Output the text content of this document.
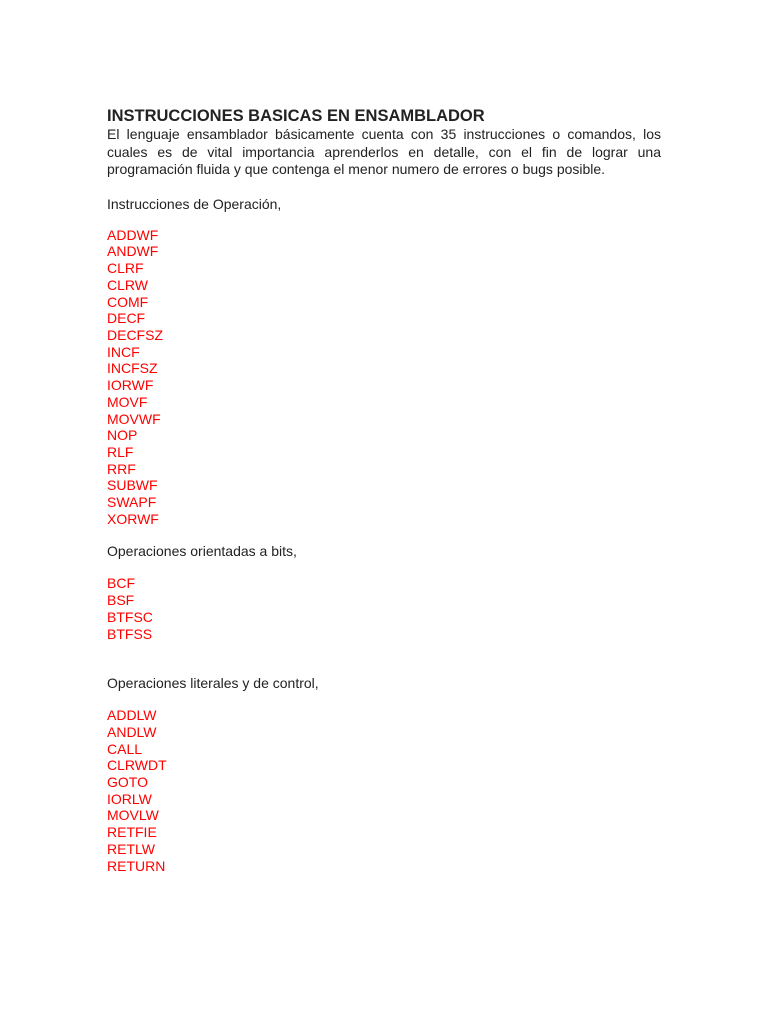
INSTRUCCIONES BASICAS EN ENSAMBLADOR

El lenguaje ensamblador básicamente cuenta con 35 instrucciones o comandos, los cuales es de vital importancia aprenderlos en detalle, con el fin de lograr una programación fluida y que contenga el menor numero de errores o bugs posible.

Instrucciones de Operación,

ADDWF
ANDWF
CLRF
CLRW
COMF
DECF
DECFSZ
INCF
INCFSZ
IORWF
MOVF
MOVWF
NOP
RLF
RRF
SUBWF
SWAPF
XORWF

Operaciones orientadas a bits,

BCF
BSF
BTFSC
BTFSS

Operaciones literales y de control,

ADDLW
ANDLW
CALL
CLRWDT
GOTO
IORLW
MOVLW
RETFIE
RETLW
RETURN
